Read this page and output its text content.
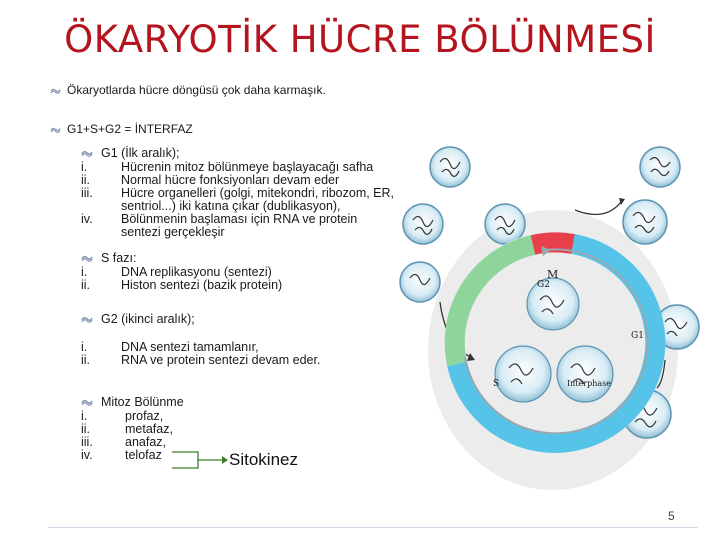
ÖKARYOTİK HÜCRE BÖLÜNMESİ
Ökaryotlarda hücre döngüsü çok daha karmaşık.
G1+S+G2 = İNTERFAZ
G1 (İlk aralık);
i.	Hücrenin mitoz bölünmeye başlayacağı safha
ii. Normal hücre fonksiyonları devam eder
iii. Hücre organelleri (golgi, mitekondri, ribozom, ER,
sentriol...) iki katına çıkar (dublikasyon),
iv. Bölünmenin başlaması için RNA ve protein
sentezi gerçekleşir
S fazı:
i.	DNA replikasyonu (sentezi)
ii. Histon sentezi (bazik protein)
G2 (ikinci aralık);
i.	DNA sentezi tamamlanır,
ii. RNA ve protein sentezi devam eder.
Mitoz Bölünme
i.	profaz,
ii.	metafaz,
iii.	anafaz,
iv.	telofaz	Sitokinez
M
G2
G1
S	Interphase
5
